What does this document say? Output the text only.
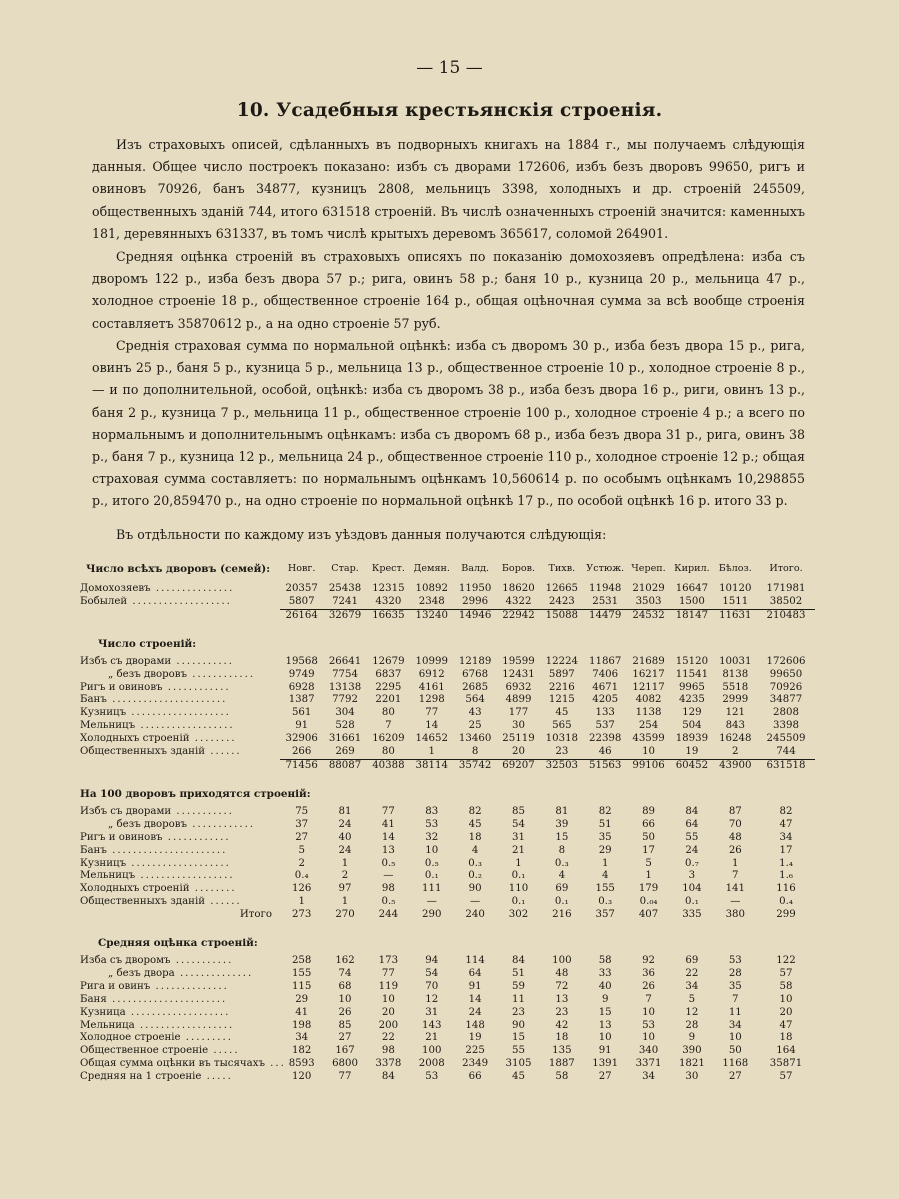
— 15 —
10. Усадебныя крестьянскія строенія.

Изъ страховыхъ описей, сдѣланныхъ въ подворныхъ книгахъ на 1884 г., мы получаемъ слѣдующія данныя. Общее число построекъ показано: избъ съ дворами 172606, избъ безъ дворовъ 99650, ригъ и овиновъ 70926, банъ 34877, кузницъ 2808, мельницъ 3398, холодныхъ и др. строеній 245509, общественныхъ зданій 744, итого 631518 строеній. Въ числѣ означенныхъ строеній значится: каменныхъ 181, деревянныхъ 631337, въ томъ числѣ крытыхъ деревомъ 365617, соломой 264901.

Средняя оцѣнка строеній въ страховыхъ описяхъ по показанію домохозяевъ опредѣлена: изба съ дворомъ 122 р., изба безъ двора 57 р.; рига, овинъ 58 р.; баня 10 р., кузница 20 р., мельница 47 р., холодное строеніе 18 р., общественное строеніе 164 р., общая оцѣночная сумма за всѣ вообще строенія составляетъ 35870612 р., а на одно строеніе 57 руб.

Среднія страховая сумма по нормальной оцѣнкѣ: изба съ дворомъ 30 р., изба безъ двора 15 р., рига, овинъ 25 р., баня 5 р., кузница 5 р., мельница 13 р., общественное строеніе 10 р., холодное строеніе 8 р.,— и по дополнительной, особой, оцѣнкѣ: изба съ дворомъ 38 р., изба безъ двора 16 р., риги, овинъ 13 р., баня 2 р., кузница 7 р., мельница 11 р., общественное строеніе 100 р., холодное строеніе 4 р.; а всего по нормальнымъ и дополнительнымъ оцѣнкамъ: изба съ дворомъ 68 р., изба безъ двора 31 р., рига, овинъ 38 р., баня 7 р., кузница 12 р., мельница 24 р., общественное строеніе 110 р., холодное строеніе 12 р.; общая страховая сумма составляетъ: по нормальнымъ оцѣнкамъ 10,560614 р. по особымъ оцѣнкамъ 10,298855 р., итого 20,859470 р., на одно строеніе по нормальной оцѣнкѣ 17 р., по особой оцѣнкѣ 16 р. итого 33 р.

Въ отдѣльности по каждому изъ уѣздовъ данныя получаются слѣдующія:

Число всѣхъ дворовъ (семей):	Новг.	Стар.	Крест.	Демян.	Валд.	Боров.	Тихв.	Устюж.	Череп.	Кирил.	Бѣлоз.	Итого.
Домохозяевъ ...............	20357	25438	12315	10892	11950	18620	12665	11948	21029	16647	10120	171981
Бобылей ...................	5807	7241	4320	2348	2996	4322	2423	2531	3503	1500	1511	38502
	26164	32679	16635	13240	14946	22942	15088	14479	24532	18147	11631	210483

Число строеній:												
Избъ съ дворами ...........	19568	26641	12679	10999	12189	19599	12224	11867	21689	15120	10031	172606
„ безъ дворовъ ............	9749	7754	6837	6912	6768	12431	5897	7406	16217	11541	8138	99650
Ригъ и овиновъ ............	6928	13138	2295	4161	2685	6932	2216	4671	12117	9965	5518	70926
Банъ ......................	1387	7792	2201	1298	564	4899	1215	4205	4082	4235	2999	34877
Кузницъ ...................	561	304	80	77	43	177	45	133	1138	129	121	2808
Мельницъ ..................	91	528	7	14	25	30	565	537	254	504	843	3398
Холодныхъ строеній ........	32906	31661	16209	14652	13460	25119	10318	22398	43599	18939	16248	245509
Общественныхъ зданій ......	266	269	80	1	8	20	23	46	10	19	2	744
	71456	88087	40388	38114	35742	69207	32503	51563	99106	60452	43900	631518

На 100 дворовъ приходятся строеній:												
Избъ съ дворами ...........	75	81	77	83	82	85	81	82	89	84	87	82
„ безъ дворовъ ............	37	24	41	53	45	54	39	51	66	64	70	47
Ригъ и овиновъ ............	27	40	14	32	18	31	15	35	50	55	48	34
Банъ ......................	5	24	13	10	4	21	8	29	17	24	26	17
Кузницъ ...................	2	1	0.₅	0.₅	0.₃	1	0.₃	1	5	0.₇	1	1.₄
Мельницъ ..................	0.₄	2	—	0.₁	0.₂	0.₁	4	4	1	3	7	1.₆
Холодныхъ строеній ........	126	97	98	111	90	110	69	155	179	104	141	116
Общественныхъ зданій ......	1	1	0.₅	—	—	0.₁	0.₁	0.₃	0.₀₄	0.₁	—	0.₄
Итого	273	270	244	290	240	302	216	357	407	335	380	299

Средняя оцѣнка строеній:												
Изба съ дворомъ ...........	258	162	173	94	114	84	100	58	92	69	53	122
„ безъ двора ..............	155	74	77	54	64	51	48	33	36	22	28	57
Рига и овинъ ..............	115	68	119	70	91	59	72	40	26	34	35	58
Баня ......................	29	10	10	12	14	11	13	9	7	5	7	10
Кузница ...................	41	26	20	31	24	23	23	15	10	12	11	20
Мельница ..................	198	85	200	143	148	90	42	13	53	28	34	47
Холодное строеніе .........	34	27	22	21	19	15	18	10	10	9	10	18
Общественное строеніе .....	182	167	98	100	225	55	135	91	340	390	50	164
Общая сумма оцѣнки въ тысячахъ ...	8593	6800	3378	2008	2349	3105	1887	1391	3371	1821	1168	35871
Средняя на 1 строеніе .....	120	77	84	53	66	45	58	27	34	30	27	57
